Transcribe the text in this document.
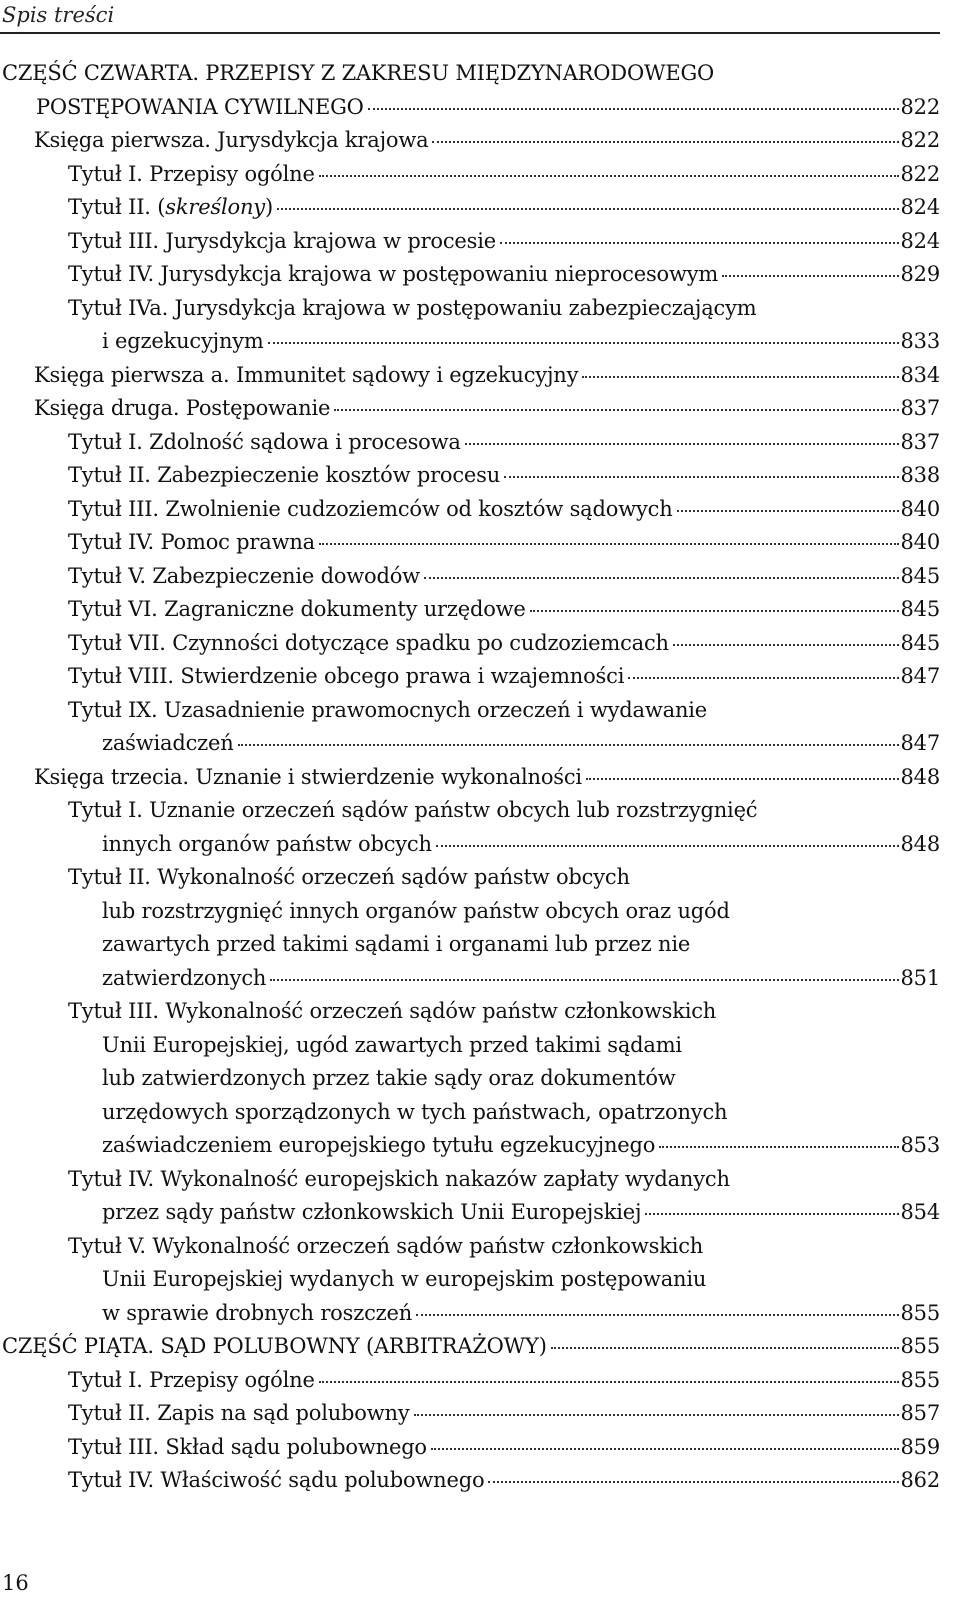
Spis treści
CZĘŚĆ CZWARTA. PRZEPISY Z ZAKRESU MIĘDZYNARODOWEGO
POSTĘPOWANIA CYWILNEGO	822
Księga pierwsza. Jurysdykcja krajowa	822
Tytuł I. Przepisy ogólne	822
Tytuł II. (skreślony)	824
Tytuł III. Jurysdykcja krajowa w procesie	824
Tytuł IV. Jurysdykcja krajowa w postępowaniu nieprocesowym	829
Tytuł IVa. Jurysdykcja krajowa w postępowaniu zabezpieczającym
i egzekucyjnym	833
Księga pierwsza a. Immunitet sądowy i egzekucyjny	834
Księga druga. Postępowanie	837
Tytuł I. Zdolność sądowa i procesowa	837
Tytuł II. Zabezpieczenie kosztów procesu	838
Tytuł III. Zwolnienie cudzoziemców od kosztów sądowych	840
Tytuł IV. Pomoc prawna	840
Tytuł V. Zabezpieczenie dowodów	845
Tytuł VI. Zagraniczne dokumenty urzędowe	845
Tytuł VII. Czynności dotyczące spadku po cudzoziemcach	845
Tytuł VIII. Stwierdzenie obcego prawa i wzajemności	847
Tytuł IX. Uzasadnienie prawomocnych orzeczeń i wydawanie
zaświadczeń	847
Księga trzecia. Uznanie i stwierdzenie wykonalności	848
Tytuł I. Uznanie orzeczeń sądów państw obcych lub rozstrzygnięć
innych organów państw obcych	848
Tytuł II. Wykonalność orzeczeń sądów państw obcych
lub rozstrzygnięć innych organów państw obcych oraz ugód
zawartych przed takimi sądami i organami lub przez nie
zatwierdzonych	851
Tytuł III. Wykonalność orzeczeń sądów państw członkowskich
Unii Europejskiej, ugód zawartych przed takimi sądami
lub zatwierdzonych przez takie sądy oraz dokumentów
urzędowych sporządzonych w tych państwach, opatrzonych
zaświadczeniem europejskiego tytułu egzekucyjnego	853
Tytuł IV. Wykonalność europejskich nakazów zapłaty wydanych
przez sądy państw członkowskich Unii Europejskiej	854
Tytuł V. Wykonalność orzeczeń sądów państw członkowskich
Unii Europejskiej wydanych w europejskim postępowaniu
w sprawie drobnych roszczeń	855
CZĘŚĆ PIĄTA. SĄD POLUBOWNY (ARBITRAŻOWY)	855
Tytuł I. Przepisy ogólne	855
Tytuł II. Zapis na sąd polubowny	857
Tytuł III. Skład sądu polubownego	859
Tytuł IV. Właściwość sądu polubownego	862
16
